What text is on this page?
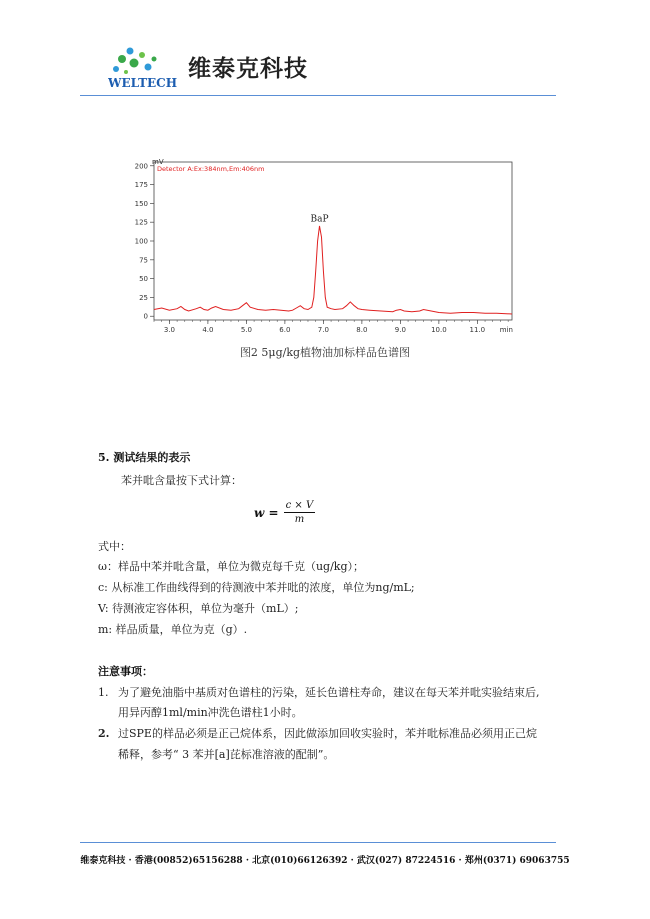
WELTECH
维泰克科技
0
25
50
75
100
125
150
175
200
3.0	4.0	5.0	6.0	7.0	8.0	9.0	10.0	11.0
mV
min
Detector A:Ex:384nm,Em:406nm
BaP
图2 5μg/kg植物油加标样品色谱图
5. 测试结果的表示
苯并吡含量按下式计算：
$w = \frac{c \times V}{m}$
式中：
ω：样品中苯并吡含量，单位为微克每千克（ug/kg）；
c: 从标准工作曲线得到的待测液中苯并吡的浓度，单位为ng/mL;
V: 待测液定容体积，单位为毫升（mL）;
m: 样品质量，单位为克（g）.
注意事项：
1. 为了避免油脂中基质对色谱柱的污染，延长色谱柱寿命，建议在每天苯并吡实验结束后,
用异丙醇1ml/min冲洗色谱柱1小时。
2. 过SPE的样品必须是正己烷体系，因此做添加回收实验时，苯并吡标准品必须用正己烷
稀释，参考“ 3 苯并[a]芘标准溶液的配制”。
维泰克科技 · 香港(00852)65156288 · 北京(010)66126392 · 武汉(027) 87224516 · 郑州(0371) 69063755
